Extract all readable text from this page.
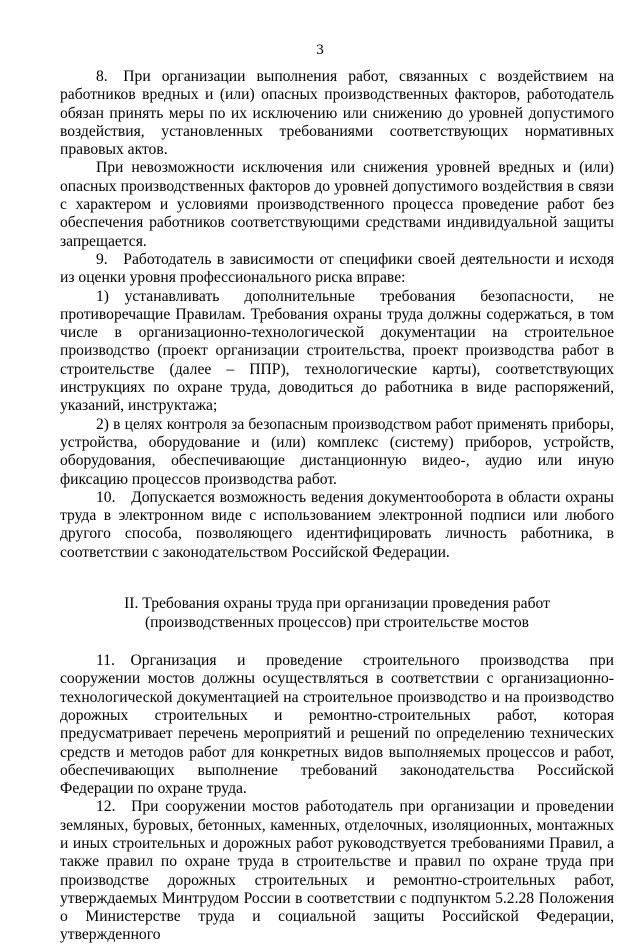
3

8. При организации выполнения работ, связанных с воздействием на работников вредных и (или) опасных производственных факторов, работодатель обязан принять меры по их исключению или снижению до уровней допустимого воздействия, установленных требованиями соответствующих нормативных правовых актов.

При невозможности исключения или снижения уровней вредных и (или) опасных производственных факторов до уровней допустимого воздействия в связи с характером и условиями производственного процесса проведение работ без обеспечения работников соответствующими средствами индивидуальной защиты запрещается.

9. Работодатель в зависимости от специфики своей деятельности и исходя из оценки уровня профессионального риска вправе:

1) устанавливать дополнительные требования безопасности, не противоречащие Правилам. Требования охраны труда должны содержаться, в том числе в организационно-технологической документации на строительное производство (проект организации строительства, проект производства работ в строительстве (далее – ППР), технологические карты), соответствующих инструкциях по охране труда, доводиться до работника в виде распоряжений, указаний, инструктажа;

2) в целях контроля за безопасным производством работ применять приборы, устройства, оборудование и (или) комплекс (систему) приборов, устройств, оборудования, обеспечивающие дистанционную видео-, аудио или иную фиксацию процессов производства работ.

10. Допускается возможность ведения документооборота в области охраны труда в электронном виде с использованием электронной подписи или любого другого способа, позволяющего идентифицировать личность работника, в соответствии с законодательством Российской Федерации.

II. Требования охраны труда при организации проведения работ
(производственных процессов) при строительстве мостов

11. Организация и проведение строительного производства при сооружении мостов должны осуществляться в соответствии с организационно-технологической документацией на строительное производство и на производство дорожных строительных и ремонтно-строительных работ, которая предусматривает перечень мероприятий и решений по определению технических средств и методов работ для конкретных видов выполняемых процессов и работ, обеспечивающих выполнение требований законодательства Российской Федерации по охране труда.

12. При сооружении мостов работодатель при организации и проведении земляных, буровых, бетонных, каменных, отделочных, изоляционных, монтажных и иных строительных и дорожных работ руководствуется требованиями Правил, а также правил по охране труда в строительстве и правил по охране труда при производстве дорожных строительных и ремонтно-строительных работ, утверждаемых Минтрудом России в соответствии с подпунктом 5.2.28 Положения о Министерстве труда и социальной защиты Российской Федерации, утвержденного
